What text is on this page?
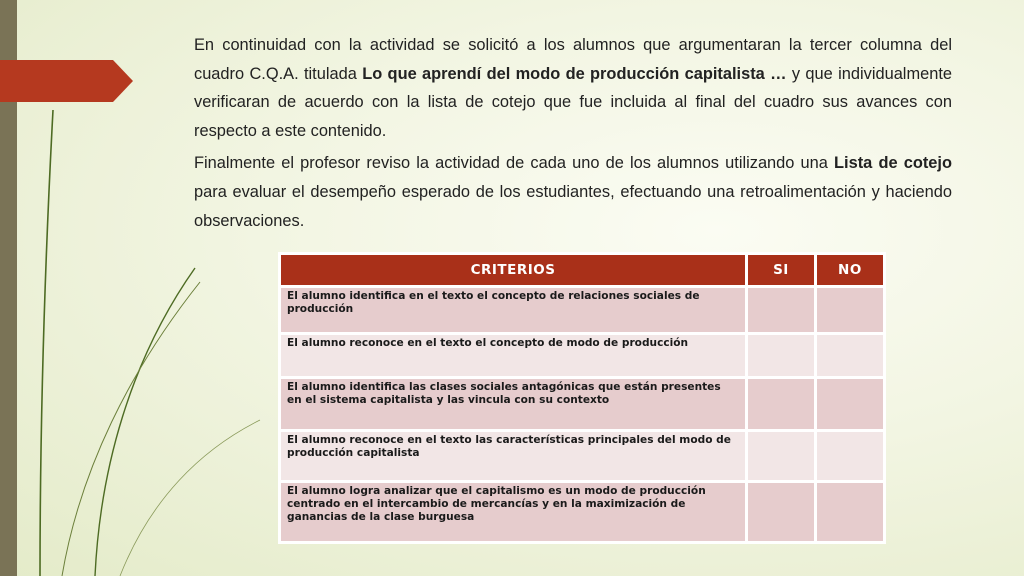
En continuidad con la actividad se solicitó a los alumnos que argumentaran la tercer columna del cuadro C.Q.A. titulada Lo que aprendí del modo de producción capitalista … y que individualmente verificaran de acuerdo con la lista de cotejo que fue incluida al final del cuadro sus avances con respecto a este contenido.

Finalmente el profesor reviso la actividad de cada uno de los alumnos utilizando una Lista de cotejo para evaluar el desempeño esperado de los estudiantes, efectuando una retroalimentación y haciendo observaciones.

CRITERIOS	SI	NO
El alumno identifica en el texto el concepto de relaciones sociales de producción		
El alumno reconoce en el texto el concepto de modo de producción		
El alumno identifica las clases sociales antagónicas que están presentes en el sistema capitalista y las vincula con su contexto		
El alumno reconoce en el texto las características principales del modo de producción capitalista		
El alumno logra analizar que el capitalismo es un modo de producción centrado en el intercambio de mercancías y en la maximización de ganancias de la clase burguesa		
